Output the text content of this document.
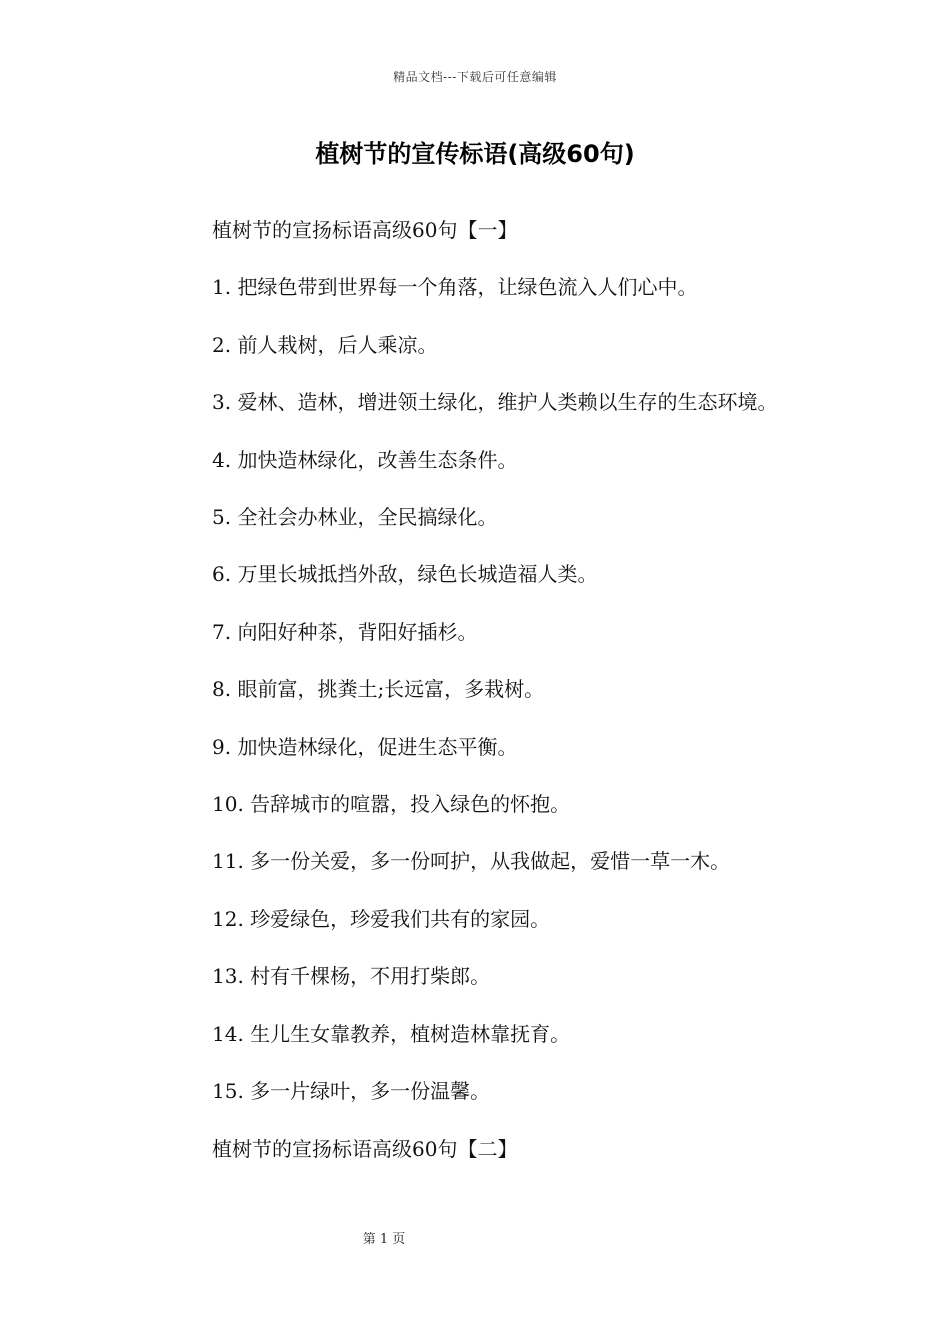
精品文档---下载后可任意编辑
植树节的宣传标语(高级60句)

植树节的宣扬标语高级60句【一】

1. 把绿色带到世界每一个角落，让绿色流入人们心中。

2. 前人栽树，后人乘凉。

3. 爱林、造林，增进领土绿化，维护人类赖以生存的生态环境。

4. 加快造林绿化，改善生态条件。

5. 全社会办林业，全民搞绿化。

6. 万里长城抵挡外敌，绿色长城造福人类。

7. 向阳好种茶，背阳好插杉。

8. 眼前富，挑粪土;长远富，多栽树。

9. 加快造林绿化，促进生态平衡。

10. 告辞城市的喧嚣，投入绿色的怀抱。

11. 多一份关爱，多一份呵护，从我做起，爱惜一草一木。

12. 珍爱绿色，珍爱我们共有的家园。

13. 村有千棵杨，不用打柴郎。

14. 生儿生女靠教养，植树造林靠抚育。

15. 多一片绿叶，多一份温馨。

植树节的宣扬标语高级60句【二】

第 1 页
